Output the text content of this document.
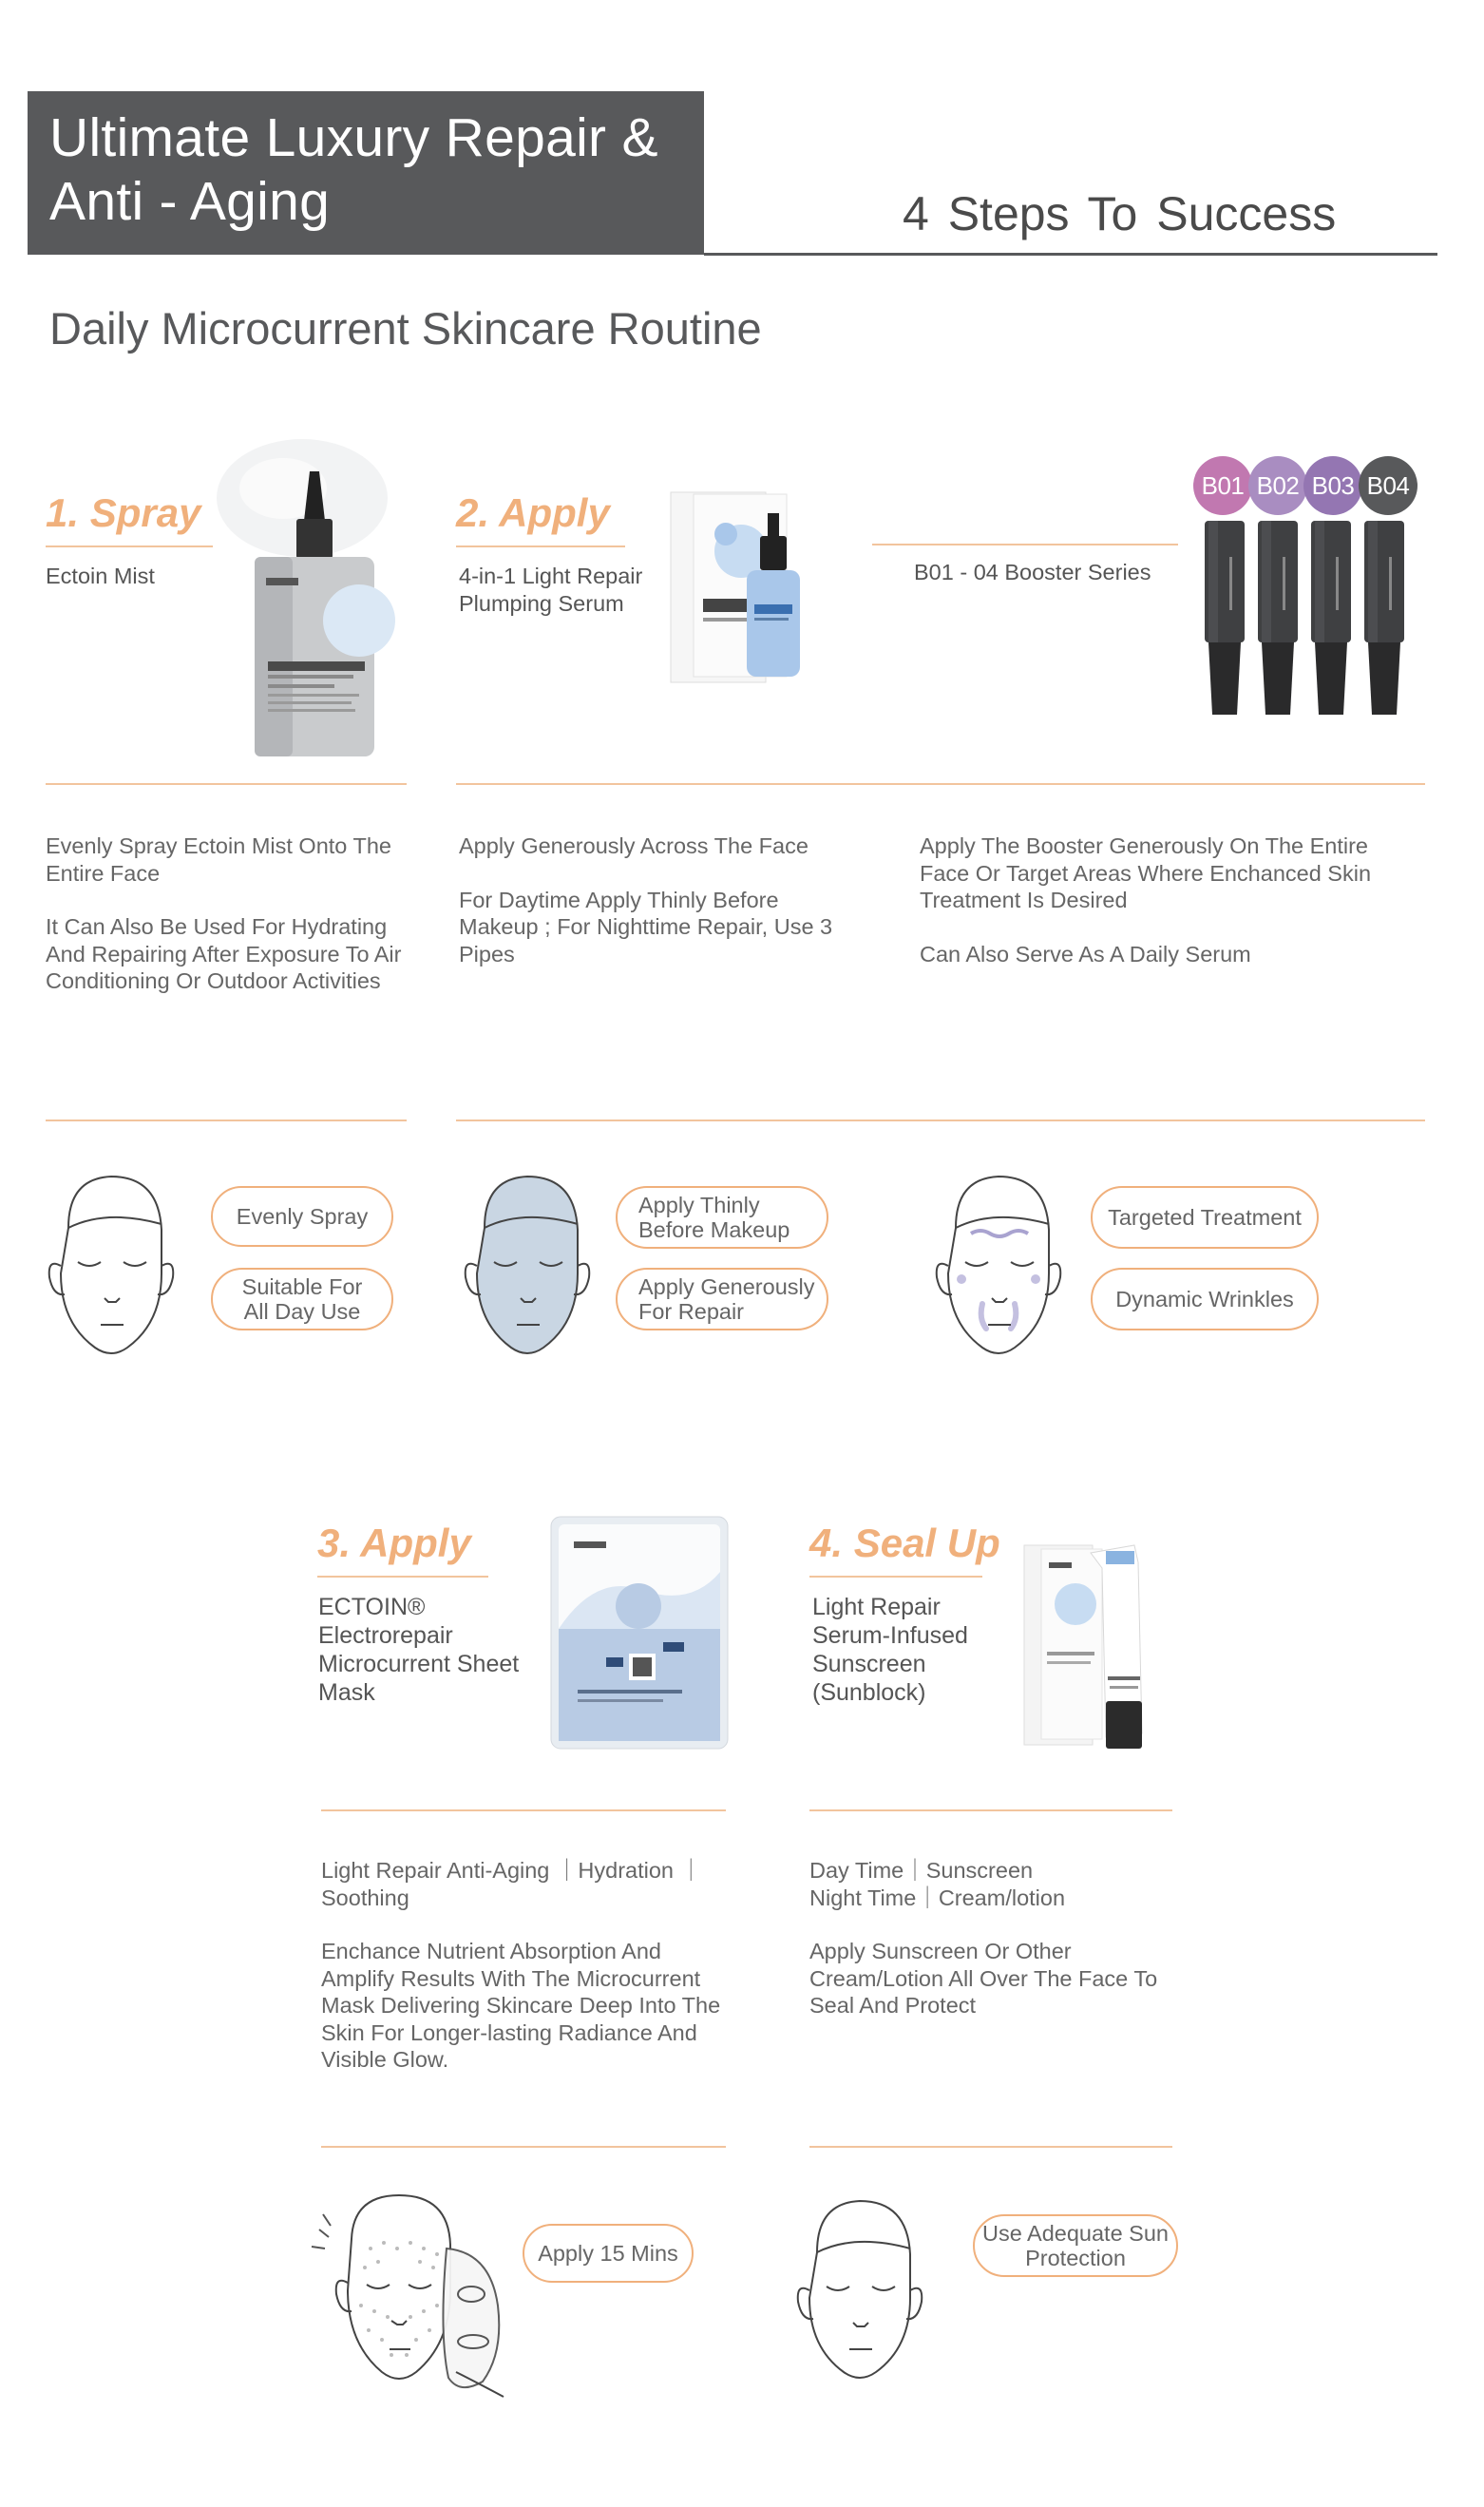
Ultimate Luxury Repair &
Anti - Aging	4 Steps To Success
Daily Microcurrent Skincare Routine
1. Spray
Ectoin Mist
Evenly Spray Ectoin Mist Onto The Entire Face
It Can Also Be Used For Hydrating And Repairing After Exposure To Air Conditioning Or Outdoor Activities
Evenly Spray
Suitable For All Day Use
2. Apply
4-in-1 Light Repair
Plumping Serum
Apply Generously Across The Face
For Daytime Apply Thinly Before Makeup ; For Nighttime Repair, Use 3 Pipes
Apply Thinly Before Makeup
Apply Generously For Repair
B01 - 04 Booster Series
B01 B02 B03 B04
Apply The Booster Generously On The Entire Face Or Target Areas Where Enchanced Skin Treatment Is Desired
Can Also Serve As A Daily Serum
Targeted Treatment
Dynamic Wrinkles
3. Apply
ECTOIN®
Electrorepair
Microcurrent Sheet
Mask
Light Repair Anti-Aging ｜Hydration ｜ Soothing
Enchance Nutrient Absorption And Amplify Results With The Microcurrent Mask Delivering Skincare Deep Into The Skin For Longer-lasting Radiance And Visible Glow.
Apply 15 Mins
4. Seal Up
Light Repair
Serum-Infused
Sunscreen
(Sunblock)
Day Time｜Sunscreen
Night Time｜Cream/lotion
Apply Sunscreen Or Other Cream/Lotion All Over The Face To Seal And Protect
Use Adequate Sun Protection
